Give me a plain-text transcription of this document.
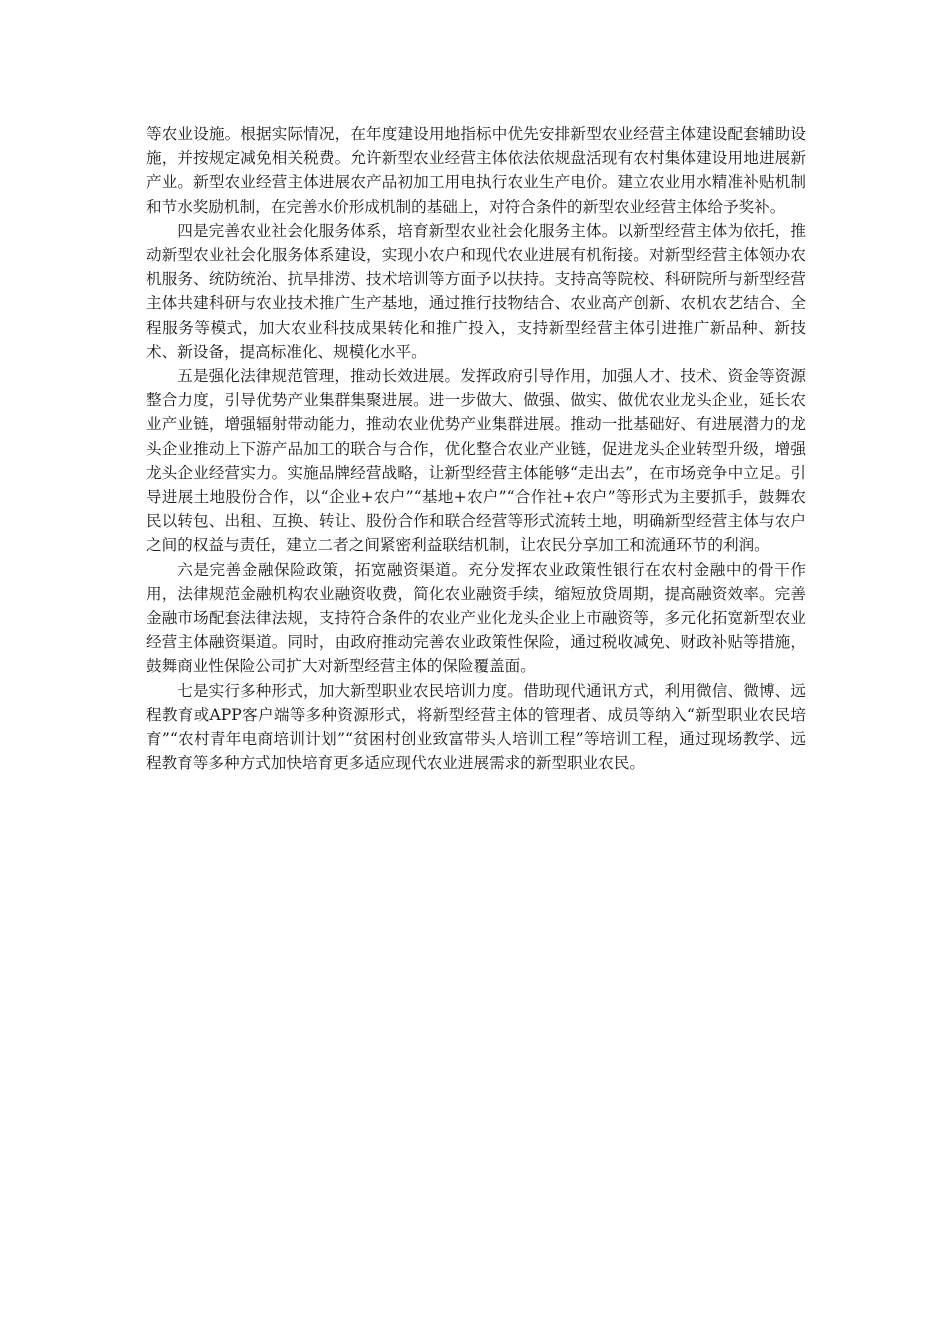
等农业设施。根据实际情况，在年度建设用地指标中优先安排新型农业经营主体建设配套辅助设施，并按规定减免相关税费。允许新型农业经营主体依法依规盘活现有农村集体建设用地进展新产业。新型农业经营主体进展农产品初加工用电执行农业生产电价。建立农业用水精准补贴机制和节水奖励机制，在完善水价形成机制的基础上，对符合条件的新型农业经营主体给予奖补。

四是完善农业社会化服务体系，培育新型农业社会化服务主体。以新型经营主体为依托，推动新型农业社会化服务体系建设，实现小农户和现代农业进展有机衔接。对新型经营主体领办农机服务、统防统治、抗旱排涝、技术培训等方面予以扶持。支持高等院校、科研院所与新型经营主体共建科研与农业技术推广生产基地，通过推行技物结合、农业高产创新、农机农艺结合、全程服务等模式，加大农业科技成果转化和推广投入，支持新型经营主体引进推广新品种、新技术、新设备，提高标准化、规模化水平。

五是强化法律规范管理，推动长效进展。发挥政府引导作用，加强人才、技术、资金等资源整合力度，引导优势产业集群集聚进展。进一步做大、做强、做实、做优农业龙头企业，延长农业产业链，增强辐射带动能力，推动农业优势产业集群进展。推动一批基础好、有进展潜力的龙头企业推动上下游产品加工的联合与合作，优化整合农业产业链，促进龙头企业转型升级，增强龙头企业经营实力。实施品牌经营战略，让新型经营主体能够“走出去”，在市场竞争中立足。引导进展土地股份合作，以“企业+农户”“基地+农户”“合作社+农户”等形式为主要抓手，鼓舞农民以转包、出租、互换、转让、股份合作和联合经营等形式流转土地，明确新型经营主体与农户之间的权益与责任，建立二者之间紧密利益联结机制，让农民分享加工和流通环节的利润。

六是完善金融保险政策，拓宽融资渠道。充分发挥农业政策性银行在农村金融中的骨干作用，法律规范金融机构农业融资收费，简化农业融资手续，缩短放贷周期，提高融资效率。完善金融市场配套法律法规，支持符合条件的农业产业化龙头企业上市融资等，多元化拓宽新型农业经营主体融资渠道。同时，由政府推动完善农业政策性保险，通过税收减免、财政补贴等措施，鼓舞商业性保险公司扩大对新型经营主体的保险覆盖面。

七是实行多种形式，加大新型职业农民培训力度。借助现代通讯方式，利用微信、微博、远程教育或APP客户端等多种资源形式，将新型经营主体的管理者、成员等纳入“新型职业农民培育”“农村青年电商培训计划”“贫困村创业致富带头人培训工程”等培训工程，通过现场教学、远程教育等多种方式加快培育更多适应现代农业进展需求的新型职业农民。
